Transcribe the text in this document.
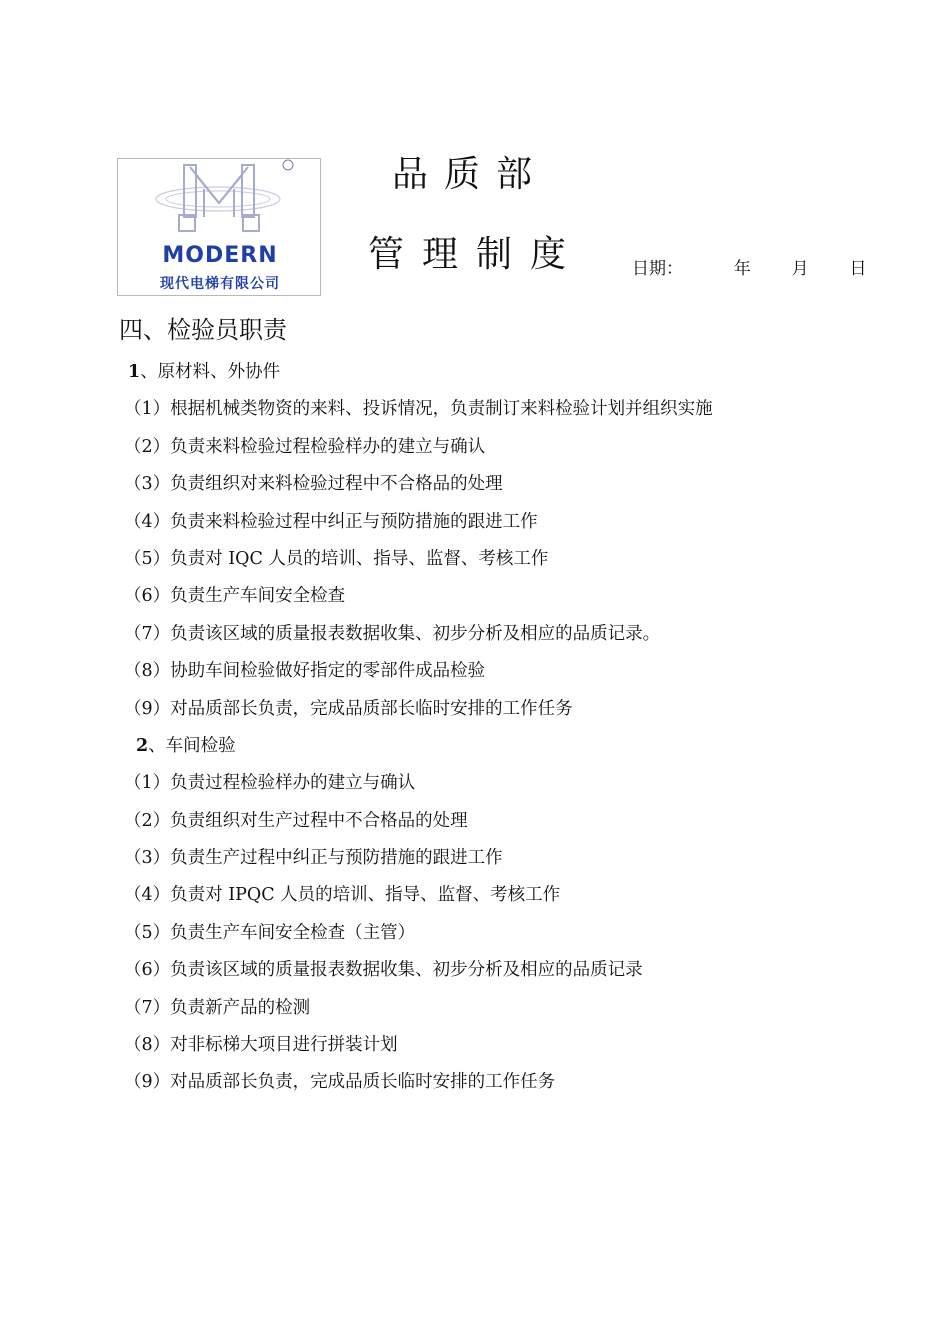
MODERN
现代电梯有限公司
品质部
管理制度	日期：	年 月 日
四、检验员职责
1、原材料、外协件
（1）根据机械类物资的来料、投诉情况，负责制订来料检验计划并组织实施
（2）负责来料检验过程检验样办的建立与确认
（3）负责组织对来料检验过程中不合格品的处理
（4）负责来料检验过程中纠正与预防措施的跟进工作
（5）负责对 IQC 人员的培训、指导、监督、考核工作
（6）负责生产车间安全检查
（7）负责该区域的质量报表数据收集、初步分析及相应的品质记录。
（8）协助车间检验做好指定的零部件成品检验
（9）对品质部长负责，完成品质部长临时安排的工作任务
2、车间检验
（1）负责过程检验样办的建立与确认
（2）负责组织对生产过程中不合格品的处理
（3）负责生产过程中纠正与预防措施的跟进工作
（4）负责对 IPQC 人员的培训、指导、监督、考核工作
（5）负责生产车间安全检查（主管）
（6）负责该区域的质量报表数据收集、初步分析及相应的品质记录
（7）负责新产品的检测
（8）对非标梯大项目进行拼装计划
（9）对品质部长负责，完成品质长临时安排的工作任务
